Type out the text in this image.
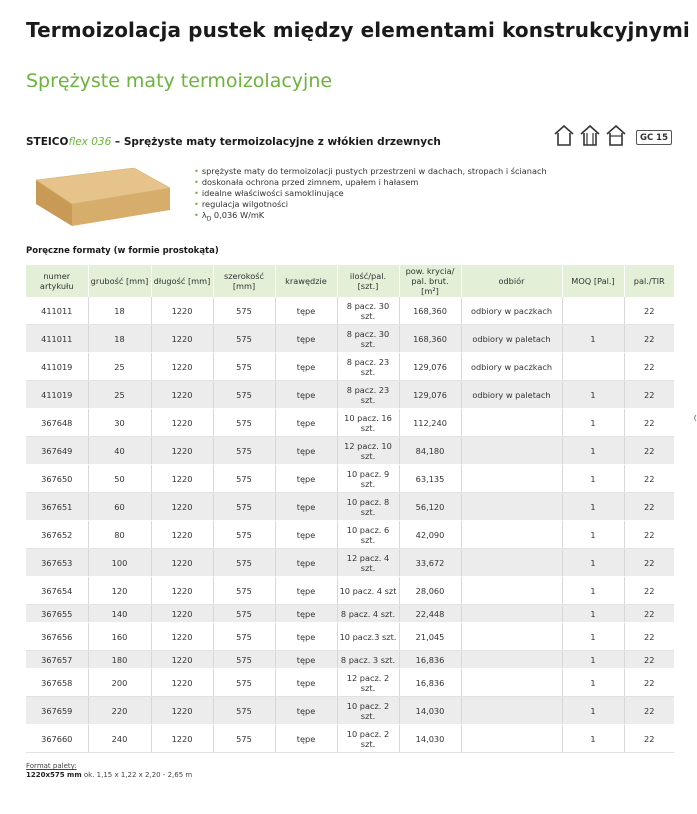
Termoizolacja pustek między elementami konstrukcyjnymi
Sprężyste maty termoizolacyjne
STEICOflex 036 – Sprężyste maty termoizolacyjne z włókien drzewnych	GC 15
• sprężyste maty do termoizolacji pustych przestrzeni w dachach, stropach i ścianach
• doskonała ochrona przed zimnem, upałem i hałasem
• idealne właściwości samoklinujące
• regulacja wilgotności
• $\lambda_D$ 0,036 W/mK
Poręczne formaty (w formie prostokąta)
numer artykułu	grubość [mm]	długość [mm]	szerokość [mm]	krawędzie	ilość/pal. [szt.]	pow. krycia/ pal. brut. [m²]	odbiór	MOQ [Pal.]	pal./TIR
411011	18	1220	575	tępe	8 pacz. 30 szt.	168,360	odbiory w paczkach		22
411011	18	1220	575	tępe	8 pacz. 30 szt.	168,360	odbiory w paletach	1	22
411019	25	1220	575	tępe	8 pacz. 23 szt.	129,076	odbiory w paczkach		22
411019	25	1220	575	tępe	8 pacz. 23 szt.	129,076	odbiory w paletach	1	22
367648	30	1220	575	tępe	10 pacz. 16 szt.	112,240		1	22
367649	40	1220	575	tępe	12 pacz. 10 szt.	84,180		1	22
367650	50	1220	575	tępe	10 pacz. 9 szt.	63,135		1	22
367651	60	1220	575	tępe	10 pacz. 8 szt.	56,120		1	22
367652	80	1220	575	tępe	10 pacz. 6 szt.	42,090		1	22
367653	100	1220	575	tępe	12 pacz. 4 szt.	33,672		1	22
367654	120	1220	575	tępe	10 pacz. 4 szt	28,060		1	22
367655	140	1220	575	tępe	8 pacz. 4 szt.	22,448		1	22
367656	160	1220	575	tępe	10 pacz.3 szt.	21,045		1	22
367657	180	1220	575	tępe	8 pacz. 3 szt.	16,836		1	22
367658	200	1220	575	tępe	12 pacz. 2 szt.	16,836		1	22
367659	220	1220	575	tępe	10 pacz. 2 szt.	14,030		1	22
367660	240	1220	575	tępe	10 pacz. 2 szt.	14,030		1	22
Format palety:
1220x575 mm ok. 1,15 x 1,22 x 2,20 - 2,65 m
